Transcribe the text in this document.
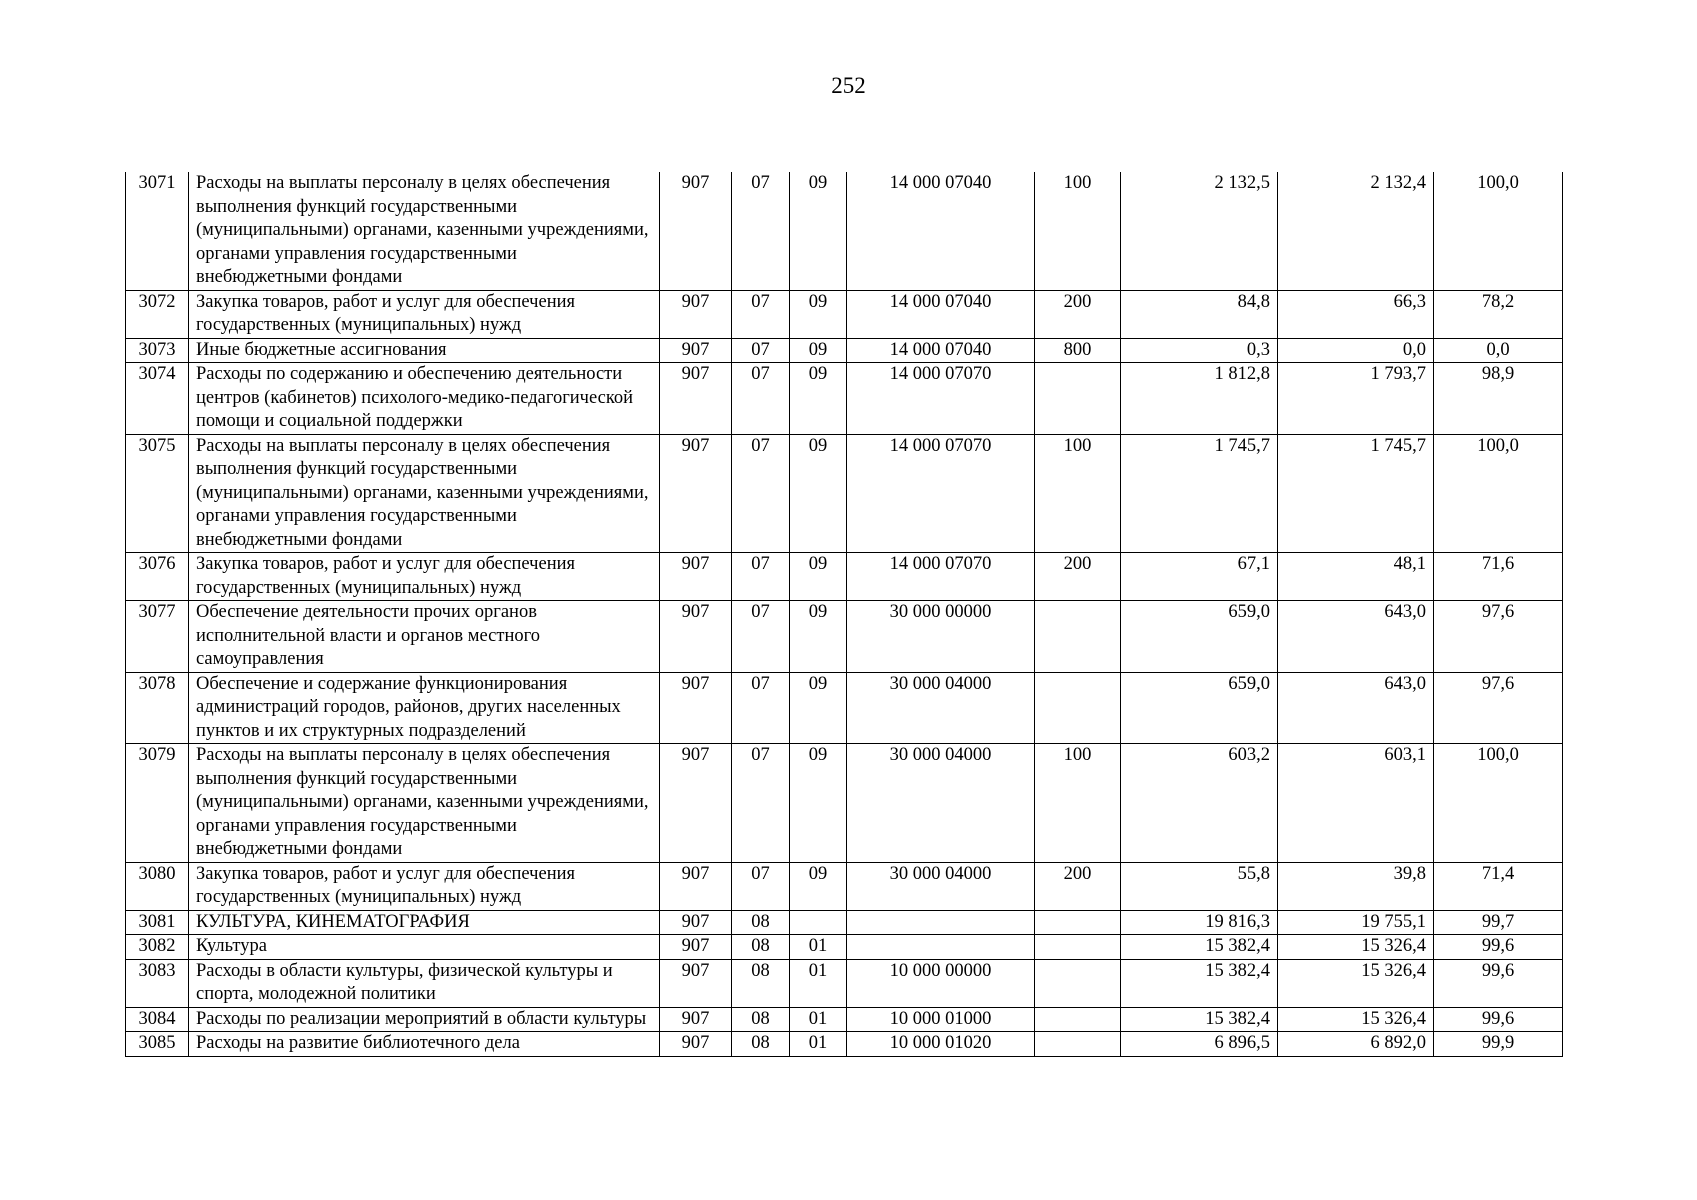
252
3071	Расходы на выплаты персоналу в целях обеспечения выполнения функций государственными (муниципальными) органами, казенными учреждениями, органами управления государственными внебюджетными фондами	907	07	09	14 000 07040	100	2 132,5	2 132,4	100,0
3072	Закупка товаров, работ и услуг для обеспечения государственных (муниципальных) нужд	907	07	09	14 000 07040	200	84,8	66,3	78,2
3073	Иные бюджетные ассигнования	907	07	09	14 000 07040	800	0,3	0,0	0,0
3074	Расходы по содержанию и обеспечению деятельности центров (кабинетов) психолого-медико-педагогической помощи и социальной поддержки	907	07	09	14 000 07070		1 812,8	1 793,7	98,9
3075	Расходы на выплаты персоналу в целях обеспечения выполнения функций государственными (муниципальными) органами, казенными учреждениями, органами управления государственными внебюджетными фондами	907	07	09	14 000 07070	100	1 745,7	1 745,7	100,0
3076	Закупка товаров, работ и услуг для обеспечения государственных (муниципальных) нужд	907	07	09	14 000 07070	200	67,1	48,1	71,6
3077	Обеспечение деятельности прочих органов исполнительной власти и органов местного самоуправления	907	07	09	30 000 00000		659,0	643,0	97,6
3078	Обеспечение и содержание функционирования администраций городов, районов, других населенных пунктов и их структурных подразделений	907	07	09	30 000 04000		659,0	643,0	97,6
3079	Расходы на выплаты персоналу в целях обеспечения выполнения функций государственными (муниципальными) органами, казенными учреждениями, органами управления государственными внебюджетными фондами	907	07	09	30 000 04000	100	603,2	603,1	100,0
3080	Закупка товаров, работ и услуг для обеспечения государственных (муниципальных) нужд	907	07	09	30 000 04000	200	55,8	39,8	71,4
3081	КУЛЬТУРА, КИНЕМАТОГРАФИЯ	907	08				19 816,3	19 755,1	99,7
3082	Культура	907	08	01			15 382,4	15 326,4	99,6
3083	Расходы в области культуры, физической культуры и спорта, молодежной политики	907	08	01	10 000 00000		15 382,4	15 326,4	99,6
3084	Расходы по реализации мероприятий в области культуры	907	08	01	10 000 01000		15 382,4	15 326,4	99,6
3085	Расходы на развитие библиотечного дела	907	08	01	10 000 01020		6 896,5	6 892,0	99,9
